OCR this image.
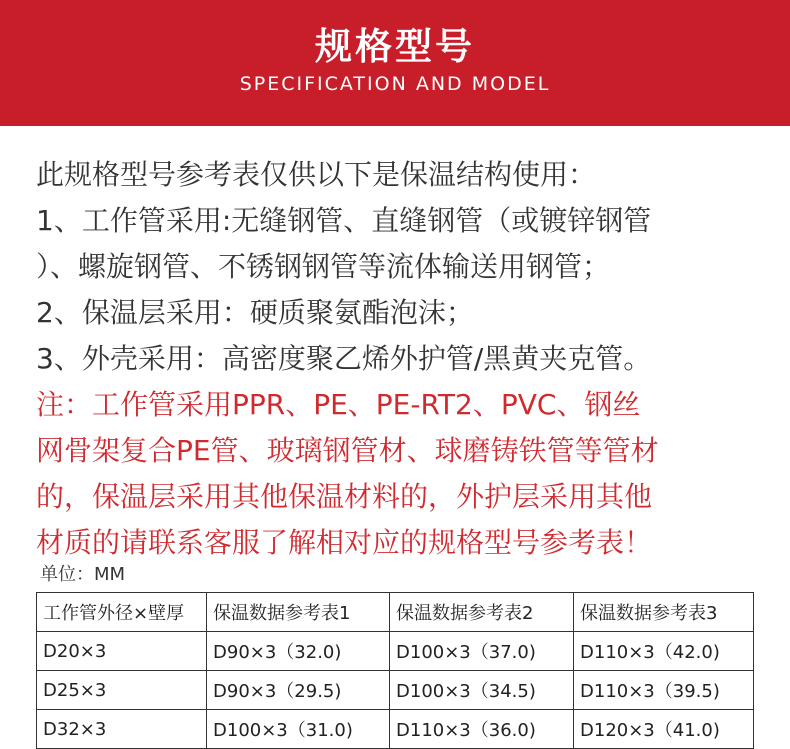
规格型号
SPECIFICATION AND MODEL
此规格型号参考表仅供以下是保温结构使用：
1、工作管采用:无缝钢管、直缝钢管（或镀锌钢管
）、螺旋钢管、不锈钢钢管等流体输送用钢管；
2、保温层采用：硬质聚氨酯泡沫；
3、外壳采用：高密度聚乙烯外护管/黑黄夹克管。
注：工作管采用PPR、PE、PE-RT2、PVC、钢丝
网骨架复合PE管、玻璃钢管材、球磨铸铁管等管材
的，保温层采用其他保温材料的，外护层采用其他
材质的请联系客服了解相对应的规格型号参考表！
单位：MM
工作管外径×壁厚	保温数据参考表1	保温数据参考表2	保温数据参考表3
D20×3	D90×3（32.0)	D100×3（37.0)	D110×3（42.0)
D25×3	D90×3（29.5)	D100×3（34.5)	D110×3（39.5)
D32×3	D100×3（31.0)	D110×3（36.0)	D120×3（41.0)
